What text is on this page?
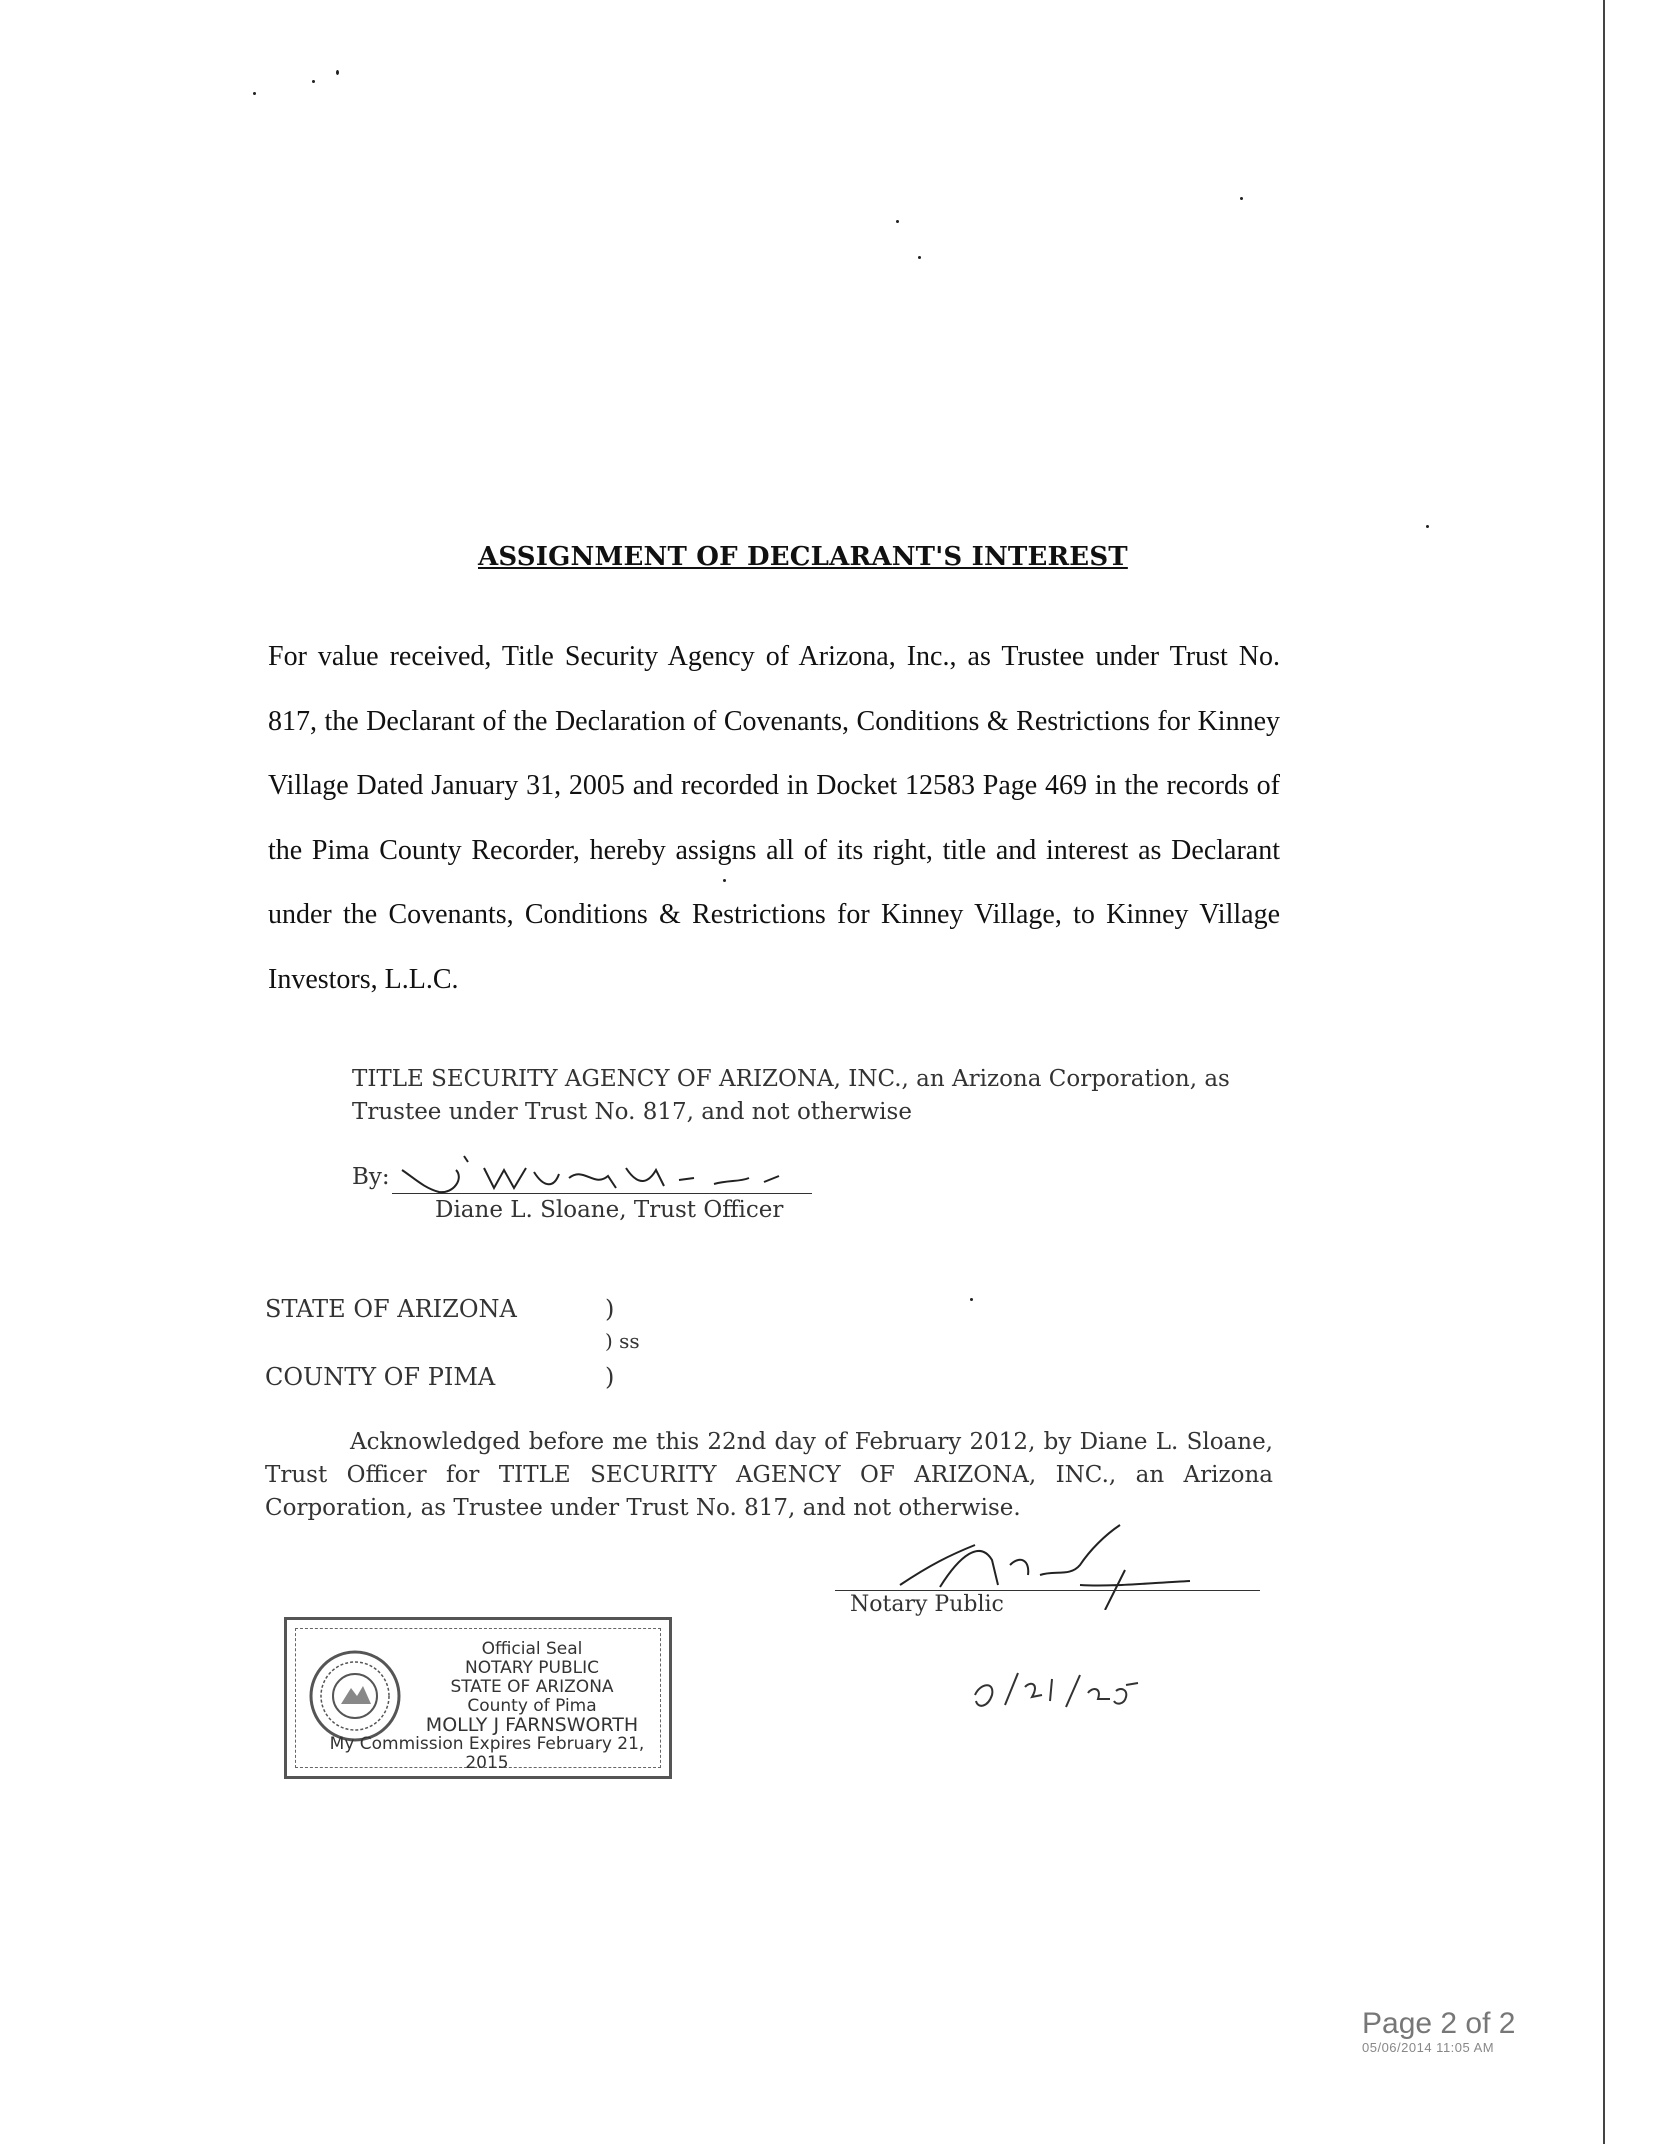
ASSIGNMENT OF DECLARANT'S INTEREST
For value received, Title Security Agency of Arizona, Inc., as Trustee under Trust No.
817, the Declarant of the Declaration of Covenants, Conditions & Restrictions for Kinney
Village Dated January 31, 2005 and recorded in Docket 12583 Page 469 in the records of
the Pima County Recorder, hereby assigns all of its right, title and interest as Declarant
under the Covenants, Conditions & Restrictions for Kinney Village, to Kinney Village
Investors, L.L.C.
TITLE SECURITY AGENCY OF ARIZONA, INC., an Arizona Corporation, as
Trustee under Trust No. 817, and not otherwise
By:
Diane L. Sloane, Trust Officer
STATE OF ARIZONA	)
) ss
COUNTY OF PIMA	)
Acknowledged before me this 22nd day of February 2012, by Diane L. Sloane,
Trust Officer for TITLE SECURITY AGENCY OF ARIZONA, INC., an Arizona
Corporation, as Trustee under Trust No. 817, and not otherwise.
Notary Public
Official Seal
NOTARY PUBLIC
STATE OF ARIZONA
County of Pima
MOLLY J FARNSWORTH
My Commission Expires February 21, 2015
Page 2 of 2
05/06/2014 11:05 AM
